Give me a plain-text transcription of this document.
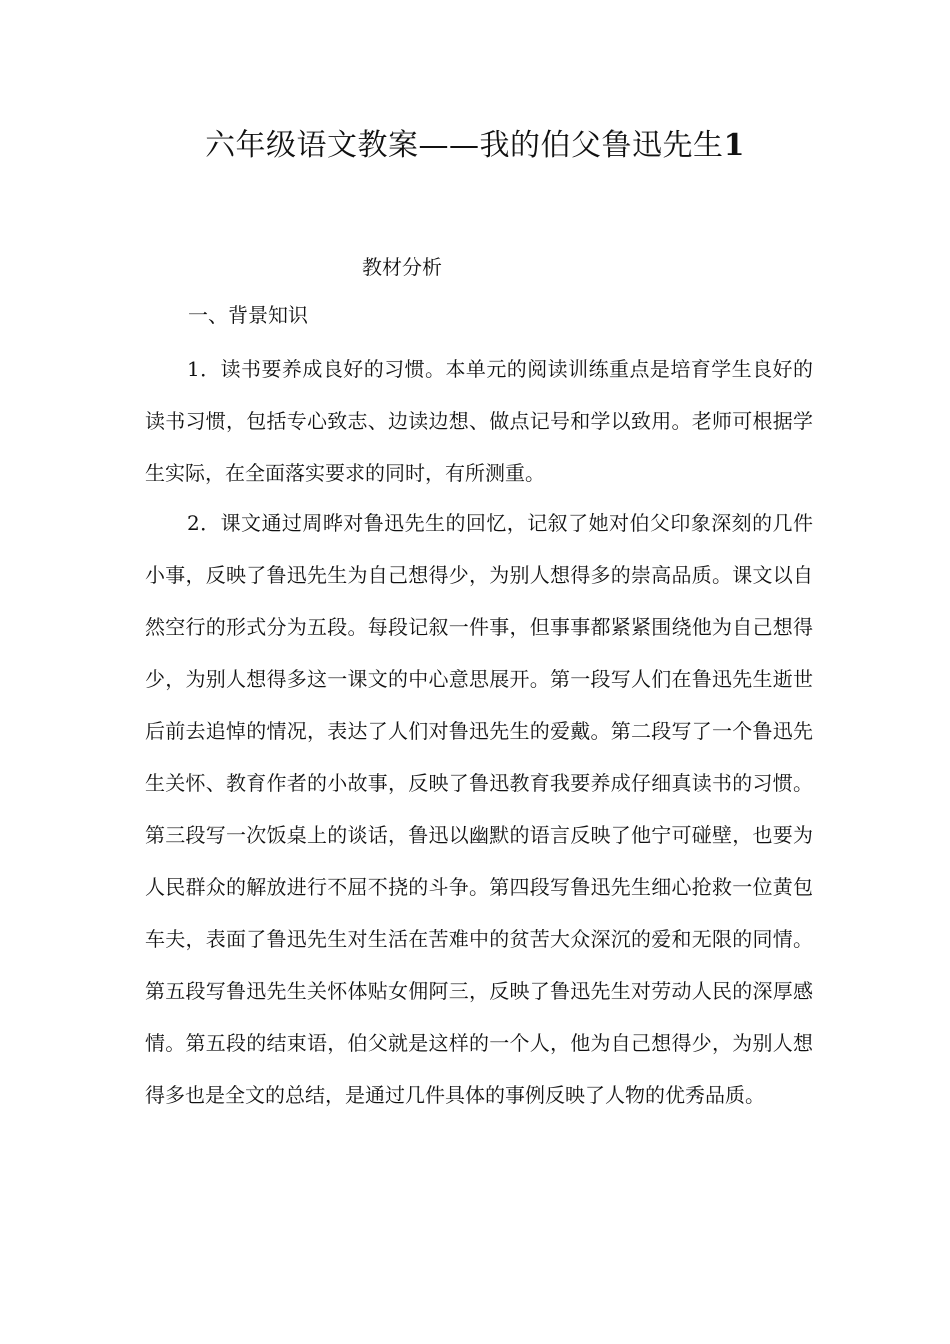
六年级语文教案——我的伯父鲁迅先生1
教材分析
一、背景知识
1．读书要养成良好的习惯。本单元的阅读训练重点是培育学生良好的读书习惯，包括专心致志、边读边想、做点记号和学以致用。老师可根据学生实际，在全面落实要求的同时，有所测重。
2．课文通过周晔对鲁迅先生的回忆，记叙了她对伯父印象深刻的几件小事，反映了鲁迅先生为自己想得少，为别人想得多的崇高品质。课文以自然空行的形式分为五段。每段记叙一件事，但事事都紧紧围绕他为自己想得少，为别人想得多这一课文的中心意思展开。第一段写人们在鲁迅先生逝世后前去追悼的情况，表达了人们对鲁迅先生的爱戴。第二段写了一个鲁迅先生关怀、教育作者的小故事，反映了鲁迅教育我要养成仔细真读书的习惯。第三段写一次饭桌上的谈话，鲁迅以幽默的语言反映了他宁可碰壁，也要为人民群众的解放进行不屈不挠的斗争。第四段写鲁迅先生细心抢救一位黄包车夫，表面了鲁迅先生对生活在苦难中的贫苦大众深沉的爱和无限的同情。第五段写鲁迅先生关怀体贴女佣阿三，反映了鲁迅先生对劳动人民的深厚感情。第五段的结束语，伯父就是这样的一个人，他为自己想得少，为别人想得多也是全文的总结，是通过几件具体的事例反映了人物的优秀品质。
